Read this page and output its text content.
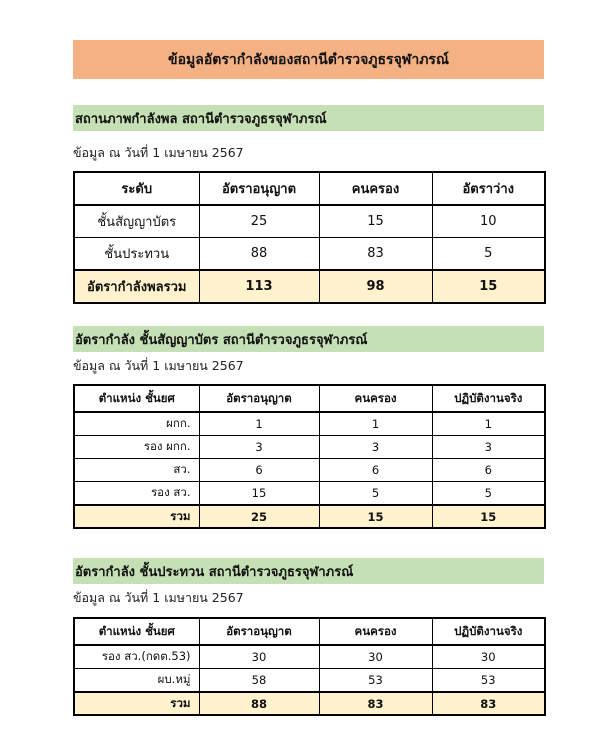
ข้อมูลอัตรากำลังของสถานีตำรวจภูธรจุฬาภรณ์
สถานภาพกำลังพล สถานีตำรวจภูธรจุฬาภรณ์
ข้อมูล ณ วันที่ 1 เมษายน 2567
ระดับ	อัตราอนุญาต	คนครอง	อัตราว่าง
ชั้นสัญญาบัตร	25	15	10
ชั้นประทวน	88	83	5
อัตรากำลังพลรวม	113	98	15
อัตรากำลัง ชั้นสัญญาบัตร สถานีตำรวจภูธรจุฬาภรณ์
ข้อมูล ณ วันที่ 1 เมษายน 2567
ตำแหน่ง ชั้นยศ	อัตราอนุญาต	คนครอง	ปฏิบัติงานจริง
ผกก.	1	1	1
รอง ผกก.	3	3	3
สว.	6	6	6
รอง สว.	15	5	5
รวม	25	15	15
อัตรากำลัง ชั้นประทวน สถานีตำรวจภูธรจุฬาภรณ์
ข้อมูล ณ วันที่ 1 เมษายน 2567
ตำแหน่ง ชั้นยศ	อัตราอนุญาต	คนครอง	ปฏิบัติงานจริง
รอง สว.(กดต.53)	30	30	30
ผบ.หมู่	58	53	53
รวม	88	83	83
